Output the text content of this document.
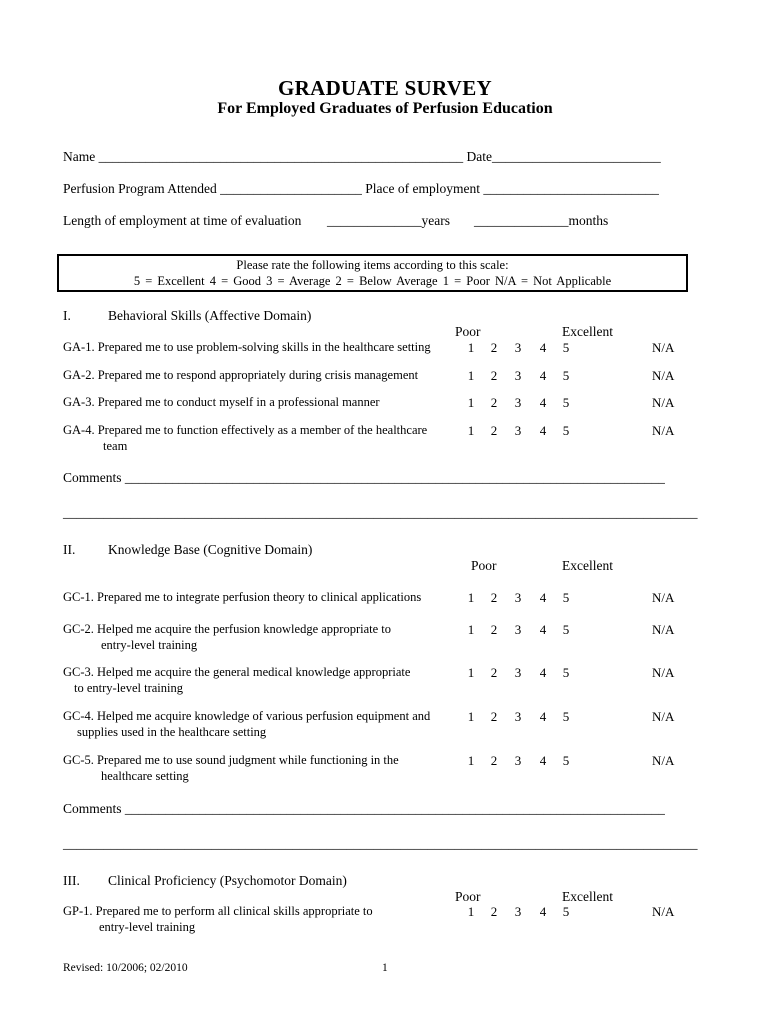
GRADUATE SURVEY
For Employed Graduates of Perfusion Education
Name ______________________________________________________ Date_________________________
Perfusion Program Attended _____________________ Place of employment __________________________
Length of employment at time of evaluation ______________years ______________months
Please rate the following items according to this scale:
5 = Excellent 4 = Good 3 = Average 2 = Below Average 1 = Poor N/A = Not Applicable
I.	Behavioral Skills (Affective Domain)
Poor	Excellent
Comments ________________________________________________________________________________
______________________________________________________________________________________________
II. Knowledge Base (Cognitive Domain)
Poor	Excellent
Comments ________________________________________________________________________________
______________________________________________________________________________________________
III. Clinical Proficiency (Psychomotor Domain)
Poor	Excellent
Revised: 10/2006; 02/2010	1
GA-1. Prepared me to use problem-solving skills in the healthcare setting	1 2 3 4 5	N/A
GA-2. Prepared me to respond appropriately during crisis management	1 2 3 4 5	N/A
GA-3. Prepared me to conduct myself in a professional manner	1 2 3 4 5	N/A
GA-4. Prepared me to function effectively as a member of the healthcare
team
1 2 3 4 5	N/A
GC-1. Prepared me to integrate perfusion theory to clinical applications	1 2 3 4 5	N/A
GC-2. Helped me acquire the perfusion knowledge appropriate to
entry-level training
1 2 3 4 5	N/A
GC-3. Helped me acquire the general medical knowledge appropriate
to entry-level training
1 2 3 4 5	N/A
GC-4. Helped me acquire knowledge of various perfusion equipment and
supplies used in the healthcare setting
1 2 3 4 5	N/A
GC-5. Prepared me to use sound judgment while functioning in the
healthcare setting
1 2 3 4 5	N/A
GP-1. Prepared me to perform all clinical skills appropriate to
entry-level training
1 2 3 4 5	N/A
